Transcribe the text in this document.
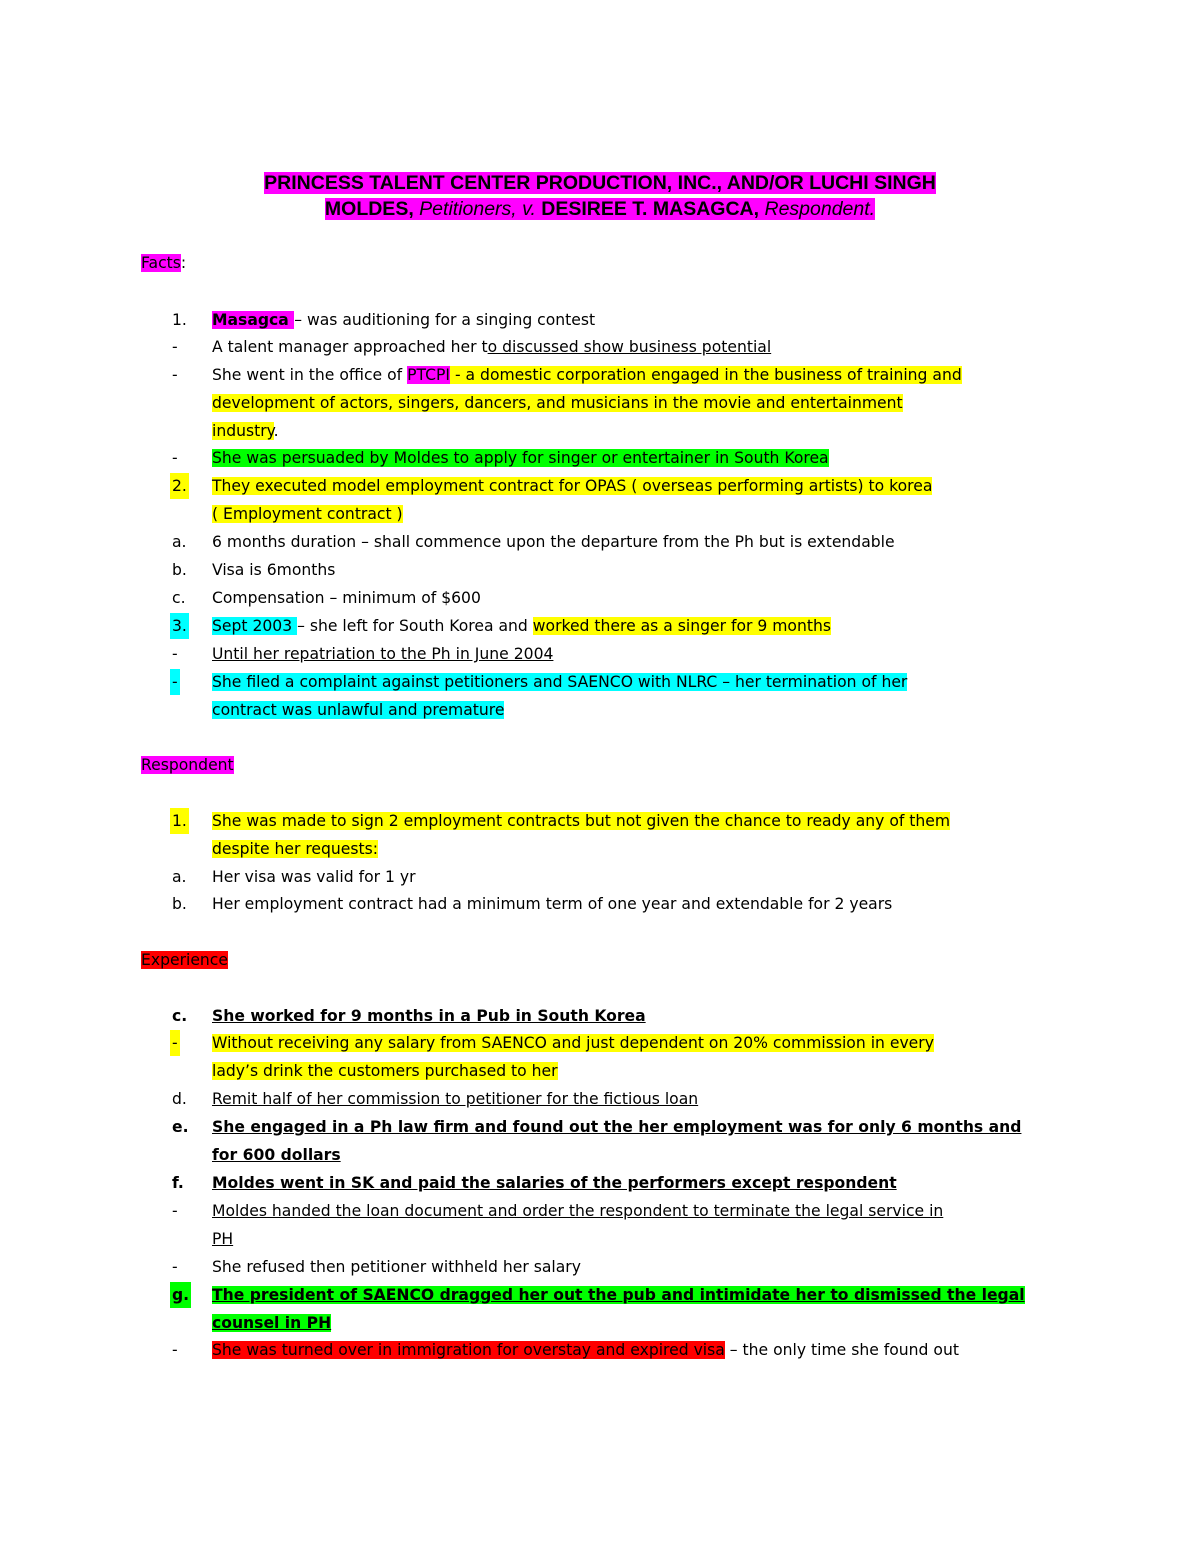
PRINCESS TALENT CENTER PRODUCTION, INC., AND/OR LUCHI SINGH
MOLDES, Petitioners, v. DESIREE T. MASAGCA, Respondent.
Facts:
1. Masagca – was auditioning for a singing contest
- A talent manager approached her to discussed show business potential
- She went in the office of PTCPI - a domestic corporation engaged in the business of training and
development of actors, singers, dancers, and musicians in the movie and entertainment
industry.
- She was persuaded by Moldes to apply for singer or entertainer in South Korea
2. They executed model employment contract for OPAS ( overseas performing artists) to korea
( Employment contract )
a. 6 months duration – shall commence upon the departure from the Ph but is extendable
b. Visa is 6months
c. Compensation – minimum of $600
3. Sept 2003 – she left for South Korea and worked there as a singer for 9 months
- Until her repatriation to the Ph in June 2004
- She filed a complaint against petitioners and SAENCO with NLRC – her termination of her
contract was unlawful and premature
Respondent
1. She was made to sign 2 employment contracts but not given the chance to ready any of them
despite her requests:
a. Her visa was valid for 1 yr
b. Her employment contract had a minimum term of one year and extendable for 2 years
Experience
c. She worked for 9 months in a Pub in South Korea
- Without receiving any salary from SAENCO and just dependent on 20% commission in every
lady’s drink the customers purchased to her
d. Remit half of her commission to petitioner for the fictious loan
e. She engaged in a Ph law firm and found out the her employment was for only 6 months and
for 600 dollars
f. Moldes went in SK and paid the salaries of the performers except respondent
- Moldes handed the loan document and order the respondent to terminate the legal service in
PH
- She refused then petitioner withheld her salary
g. The president of SAENCO dragged her out the pub and intimidate her to dismissed the legal
counsel in PH
- She was turned over in immigration for overstay and expired visa – the only time she found out
